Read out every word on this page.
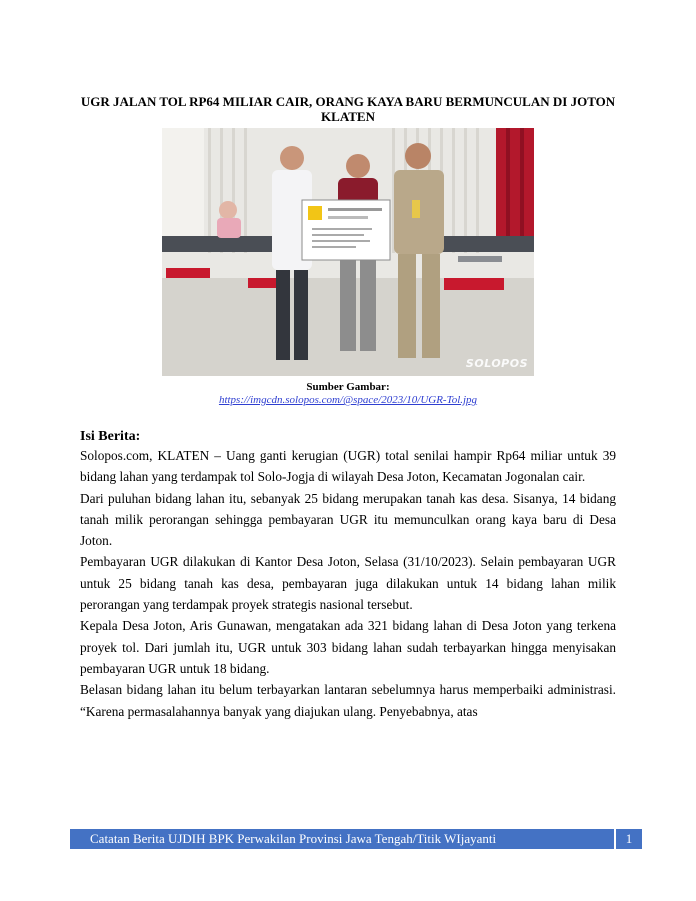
UGR JALAN TOL RP64 MILIAR CAIR, ORANG KAYA BARU BERMUNCULAN DI JOTON KLATEN
SOLOPOS
Sumber Gambar:
https://imgcdn.solopos.com/@space/2023/10/UGR-Tol.jpg
Isi Berita:

Solopos.com, KLATEN – Uang ganti kerugian (UGR) total senilai hampir Rp64 miliar untuk 39 bidang lahan yang terdampak tol Solo-Jogja di wilayah Desa Joton, Kecamatan Jogonalan cair.

Dari puluhan bidang lahan itu, sebanyak 25 bidang merupakan tanah kas desa. Sisanya, 14 bidang tanah milik perorangan sehingga pembayaran UGR itu memunculkan orang kaya baru di Desa Joton.

Pembayaran UGR dilakukan di Kantor Desa Joton, Selasa (31/10/2023). Selain pembayaran UGR untuk 25 bidang tanah kas desa, pembayaran juga dilakukan untuk 14 bidang lahan milik perorangan yang terdampak proyek strategis nasional tersebut.

Kepala Desa Joton, Aris Gunawan, mengatakan ada 321 bidang lahan di Desa Joton yang terkena proyek tol. Dari jumlah itu, UGR untuk 303 bidang lahan sudah terbayarkan hingga menyisakan pembayaran UGR untuk 18 bidang.

Belasan bidang lahan itu belum terbayarkan lantaran sebelumnya harus memperbaiki administrasi. “Karena permasalahannya banyak yang diajukan ulang. Penyebabnya, atas

Catatan Berita UJDIH BPK Perwakilan Provinsi Jawa Tengah/Titik WIjayanti	1
